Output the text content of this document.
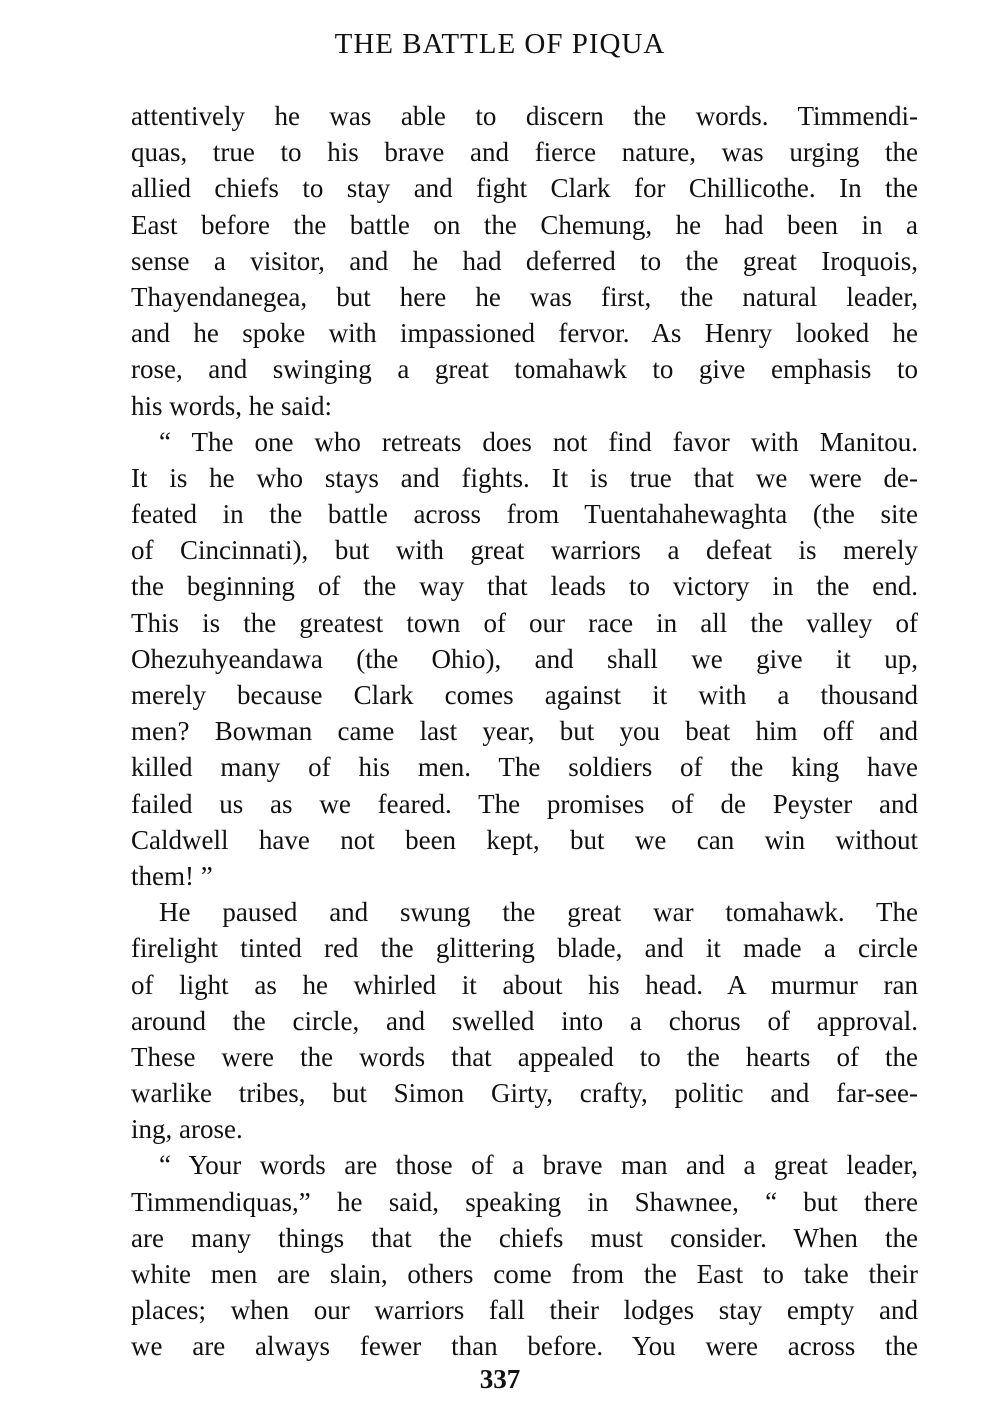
THE BATTLE OF PIQUA
attentively he was able to discern the words. Timmendi-
quas, true to his brave and fierce nature, was urging the
allied chiefs to stay and fight Clark for Chillicothe. In the
East before the battle on the Chemung, he had been in a
sense a visitor, and he had deferred to the great Iroquois,
Thayendanegea, but here he was first, the natural leader,
and he spoke with impassioned fervor. As Henry looked he
rose, and swinging a great tomahawk to give emphasis to
his words, he said:
“ The one who retreats does not find favor with Manitou.
It is he who stays and fights. It is true that we were de-
feated in the battle across from Tuentahahewaghta (the site
of Cincinnati), but with great warriors a defeat is merely
the beginning of the way that leads to victory in the end.
This is the greatest town of our race in all the valley of
Ohezuhyeandawa (the Ohio), and shall we give it up,
merely because Clark comes against it with a thousand
men? Bowman came last year, but you beat him off and
killed many of his men. The soldiers of the king have
failed us as we feared. The promises of de Peyster and
Caldwell have not been kept, but we can win without
them! ”
He paused and swung the great war tomahawk. The
firelight tinted red the glittering blade, and it made a circle
of light as he whirled it about his head. A murmur ran
around the circle, and swelled into a chorus of approval.
These were the words that appealed to the hearts of the
warlike tribes, but Simon Girty, crafty, politic and far-see-
ing, arose.
“ Your words are those of a brave man and a great leader,
Timmendiquas,” he said, speaking in Shawnee, “ but there
are many things that the chiefs must consider. When the
white men are slain, others come from the East to take their
places; when our warriors fall their lodges stay empty and
we are always fewer than before. You were across the
337
